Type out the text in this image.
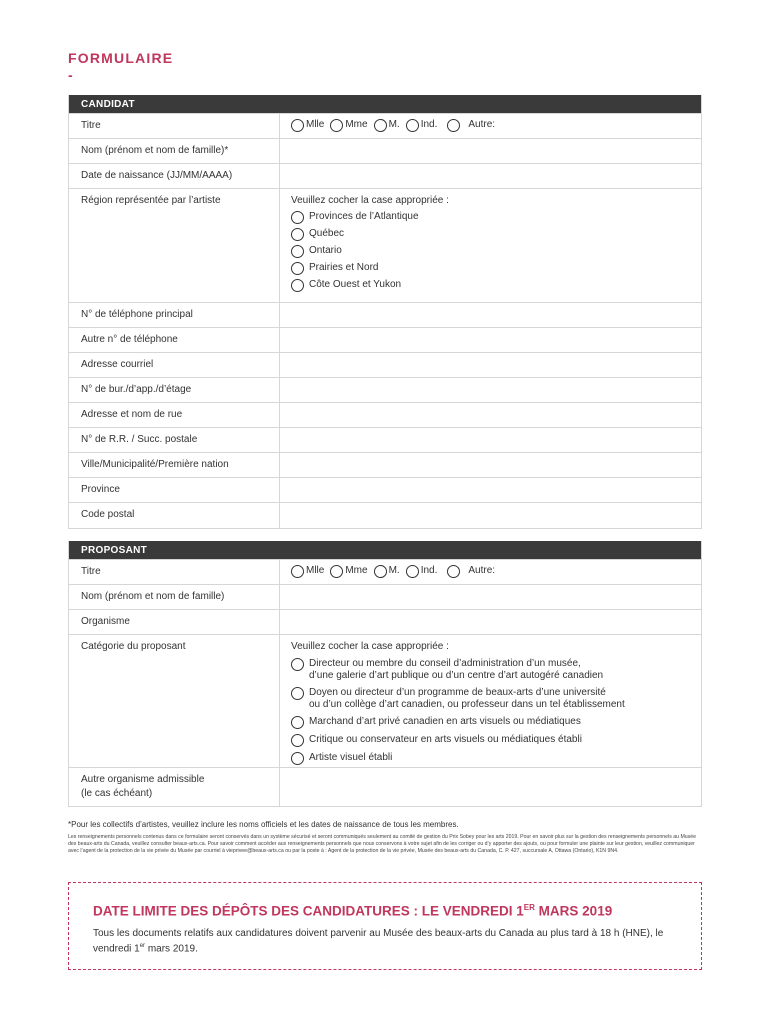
FORMULAIRE
-
CANDIDAT
Titre	Mlle Mme M. Ind.	Autre:
Nom (prénom et nom de famille)*
Date de naissance (JJ/MM/AAAA)
Région représentée par l’artiste	Veuillez cocher la case appropriée :
Provinces de l’Atlantique
Québec
Ontario
Prairies et Nord
Côte Ouest et Yukon
N° de téléphone principal
Autre n° de téléphone
Adresse courriel
N° de bur./d’app./d’étage
Adresse et nom de rue
N° de R.R. / Succ. postale
Ville/Municipalité/Première nation
Province
Code postal
PROPOSANT
Titre	Mlle Mme M. Ind.	Autre:
Nom (prénom et nom de famille)
Organisme
Catégorie du proposant	Veuillez cocher la case appropriée :
Directeur ou membre du conseil d’administration d’un musée,
d’une galerie d’art publique ou d’un centre d’art autogéré canadien
Doyen ou directeur d’un programme de beaux-arts d’une université
ou d’un collège d’art canadien, ou professeur dans un tel établissement
Marchand d’art privé canadien en arts visuels ou médiatiques
Critique ou conservateur en arts visuels ou médiatiques établi
Artiste visuel établi
Autre organisme admissible
(le cas échéant)
*Pour les collectifs d’artistes, veuillez inclure les noms officiels et les dates de naissance de tous les membres.
Les renseignements personnels contenus dans ce formulaire seront conservés dans un système sécurisé et seront communiqués seulement au comité de gestion du Prix Sobey pour les arts 2019. Pour en savoir plus sur la gestion des renseignements personnels au Musée des beaux-arts du Canada, veuillez consulter beaux-arts.ca. Pour savoir comment accéder aux renseignements personnels que nous conservons à votre sujet afin de les corriger ou d’y apporter des ajouts, ou pour formuler une plainte sur leur gestion, veuillez communiquer avec l’agent de la protection de la vie privée du Musée par courriel à vieprivee@beaux-arts.ca ou par la poste à : Agent de la protection de la vie privée, Musée des beaux-arts du Canada, C. P. 427, succursale A, Ottawa (Ontario), K1N 9N4.
DATE LIMITE DES DÉPÔTS DES CANDIDATURES : LE VENDREDI 1ER MARS 2019
Tous les documents relatifs aux candidatures doivent parvenir au Musée des beaux-arts du Canada au plus tard à 18 h (HNE), le vendredi 1er mars 2019.
